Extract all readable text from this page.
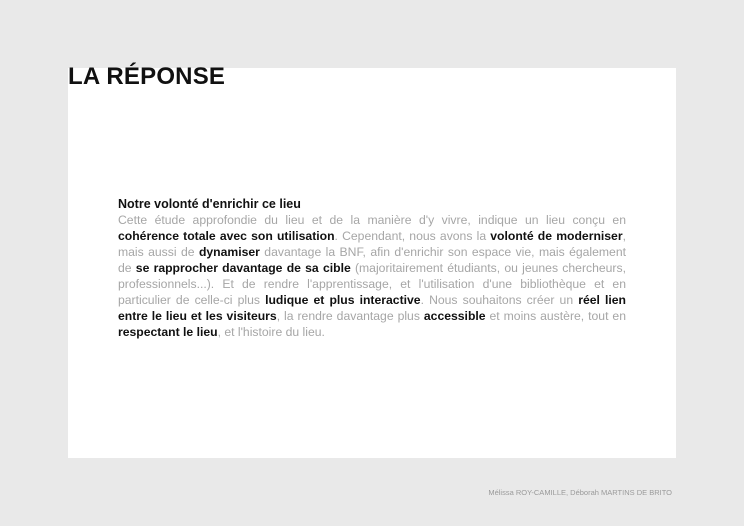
LA RÉPONSE

Notre volonté d'enrichir ce lieu

Cette étude approfondie du lieu et de la manière d'y vivre, indique un lieu conçu en cohérence totale avec son utilisation. Cependant, nous avons la volonté de moderniser, mais aussi de dynamiser davantage la BNF, afin d'enrichir son espace vie, mais également de se rapprocher davantage de sa cible (majoritairement étudiants, ou jeunes chercheurs, professionnels...). Et de rendre l'apprentissage, et l'utilisation d'une bibliothèque et en particulier de celle-ci plus ludique et plus interactive. Nous souhaitons créer un réel lien entre le lieu et les visiteurs, la rendre davantage plus accessible et moins austère, tout en respectant le lieu, et l'histoire du lieu.

Mélissa ROY-CAMILLE, Déborah MARTINS DE BRITO
